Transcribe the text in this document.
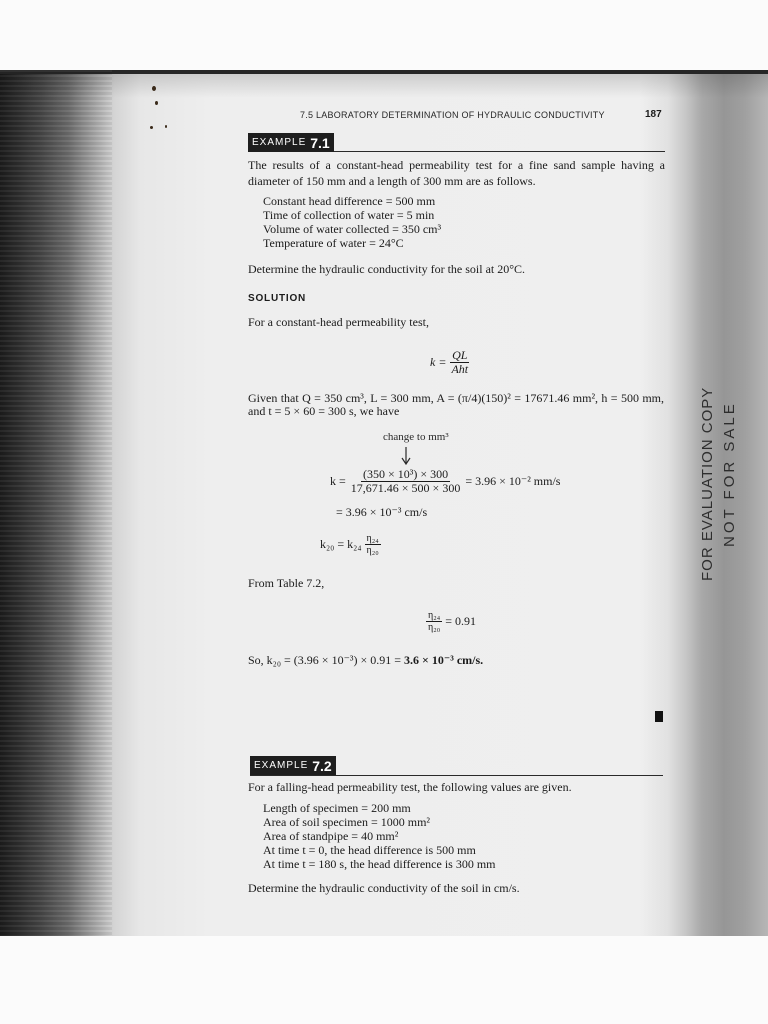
7.5 LABORATORY DETERMINATION OF HYDRAULIC CONDUCTIVITY	187
EXAMPLE 7.1
The results of a constant-head permeability test for a fine sand sample having a
diameter of 150 mm and a length of 300 mm are as follows.
Constant head difference = 500 mm
Time of collection of water = 5 min
Volume of water collected = 350 cm³
Temperature of water = 24°C
Determine the hydraulic conductivity for the soil at 20°C.
SOLUTION
For a constant-head permeability test,
$k = \frac{QL}{\text{Aht}}$
Given that Q = 350 cm³, L = 300 mm, A = (π/4)(150)² = 17671.46 mm², h = 500 mm,
and t = 5 × 60 = 300 s, we have
change to mm³
$k = \frac{\text{(350 × 10³) × 300}}{17,671.46 \times 500 \times 300} = 3.96 \times 10^{-2}$ mm/s
= 3.96 × 10⁻³ cm/s
$k_{20} = k_{24} \frac{\text{η₂₄}}{\text{η₂₀}}$
From Table 7.2,
$\frac{\text{η₂₄}}{\text{η₂₀}} = 0.91$
So, k₂₀ = (3.96 × 10⁻³) × 0.91 = 3.6 × 10⁻³ cm/s.
EXAMPLE 7.2
For a falling-head permeability test, the following values are given.
Length of specimen = 200 mm
Area of soil specimen = 1000 mm²
Area of standpipe = 40 mm²
At time t = 0, the head difference is 500 mm
At time t = 180 s, the head difference is 300 mm
Determine the hydraulic conductivity of the soil in cm/s.
FOR EVALUATION COPY NOT FOR SALE
